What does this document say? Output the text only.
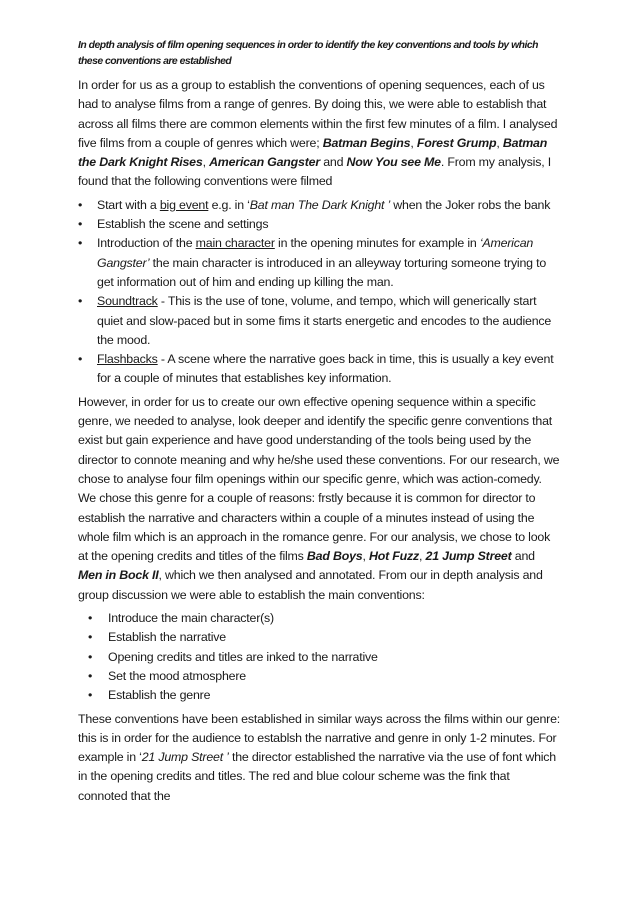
In depth analysis of film opening sequences in order to identify the key conventions and tools by which these conventions are established

In order for us as a group to establish the conventions of opening sequences, each of us had to analyse films from a range of genres. By doing this, we were able to establish that across all films there are common elements within the first few minutes of a film. I analysed five films from a couple of genres which were; Batman Begins, Forest Grump, Batman the Dark Knight Rises, American Gangster and Now You see Me. From my analysis, I found that the following conventions were filmed

• Start with a big event e.g. in ‘Bat man The Dark Knight ’ when the Joker robs the bank
• Establish the scene and settings
• Introduction of the main character in the opening minutes for example in ‘American Gangster’ the main character is introduced in an alleyway torturing someone trying to get information out of him and ending up killing the man.
• Soundtrack - This is the use of tone, volume, and tempo, which will generically start quiet and slow-paced but in some fims it starts energetic and encodes to the audience the mood.
• Flashbacks - A scene where the narrative goes back in time, this is usually a key event for a couple of minutes that establishes key information.

However, in order for us to create our own effective opening sequence within a specific genre, we needed to analyse, look deeper and identify the specific genre conventions that exist but gain experience and have good understanding of the tools being used by the director to connote meaning and why he/she used these conventions. For our research, we chose to analyse four film openings within our specific genre, which was action-comedy. We chose this genre for a couple of reasons: frstly because it is common for director to establish the narrative and characters within a couple of a minutes instead of using the whole film which is an approach in the romance genre. For our analysis, we chose to look at the opening credits and titles of the films Bad Boys, Hot Fuzz, 21 Jump Street and Men in Bock II, which we then analysed and annotated. From our in depth analysis and group discussion we were able to establish the main conventions:

• Introduce the main character(s)
• Establish the narrative
• Opening credits and titles are inked to the narrative
• Set the mood atmosphere
• Establish the genre

These conventions have been established in similar ways across the films within our genre: this is in order for the audience to establsh the narrative and genre in only 1-2 minutes. For example in ‘21 Jump Street ’ the director established the narrative via the use of font which in the opening credits and titles. The red and blue colour scheme was the fink that connoted that the
